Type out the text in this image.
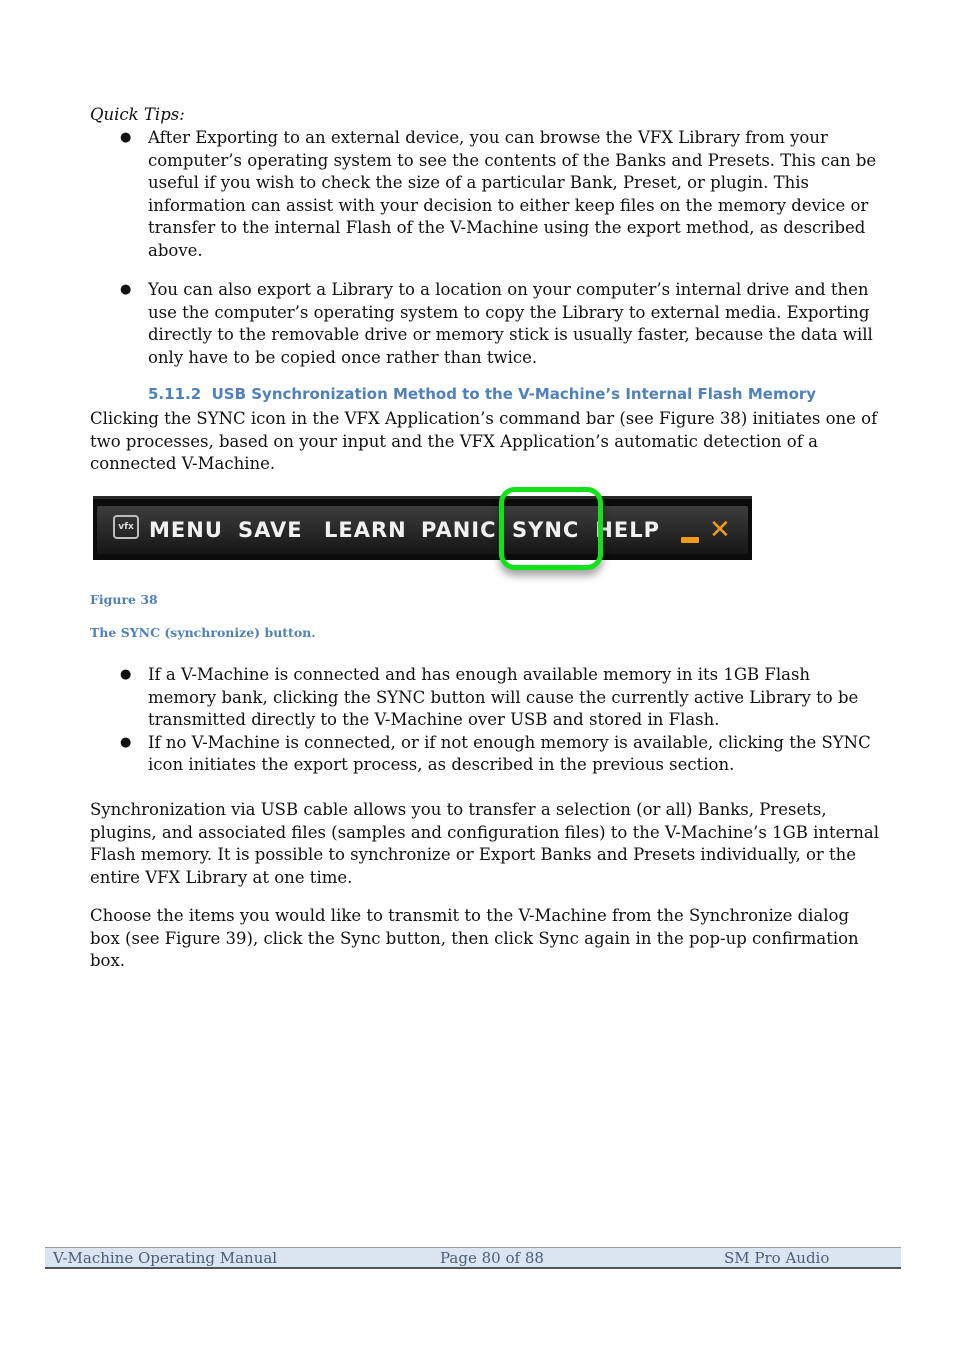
Quick Tips:
● After Exporting to an external device, you can browse the VFX Library from your computer’s operating system to see the contents of the Banks and Presets. This can be useful if you wish to check the size of a particular Bank, Preset, or plugin. This information can assist with your decision to either keep files on the memory device or transfer to the internal Flash of the V-Machine using the export method, as described above.
● You can also export a Library to a location on your computer’s internal drive and then use the computer’s operating system to copy the Library to external media. Exporting directly to the removable drive or memory stick is usually faster, because the data will only have to be copied once rather than twice.
5.11.2 USB Synchronization Method to the V-Machine’s Internal Flash Memory
Clicking the SYNC icon in the VFX Application’s command bar (see Figure 38) initiates one of two processes, based on your input and the VFX Application’s automatic detection of a connected V-Machine.
vfx MENU SAVE LEARN PANIC SYNC HELP ✕
Figure 38
The SYNC (synchronize) button.
● If a V-Machine is connected and has enough available memory in its 1GB Flash memory bank, clicking the SYNC button will cause the currently active Library to be transmitted directly to the V-Machine over USB and stored in Flash.
● If no V-Machine is connected, or if not enough memory is available, clicking the SYNC icon initiates the export process, as described in the previous section.
Synchronization via USB cable allows you to transfer a selection (or all) Banks, Presets, plugins, and associated files (samples and configuration files) to the V-Machine’s 1GB internal Flash memory. It is possible to synchronize or Export Banks and Presets individually, or the entire VFX Library at one time.
Choose the items you would like to transmit to the V-Machine from the Synchronize dialog box (see Figure 39), click the Sync button, then click Sync again in the pop-up confirmation box.
V-Machine Operating Manual	Page 80 of 88	SM Pro Audio
